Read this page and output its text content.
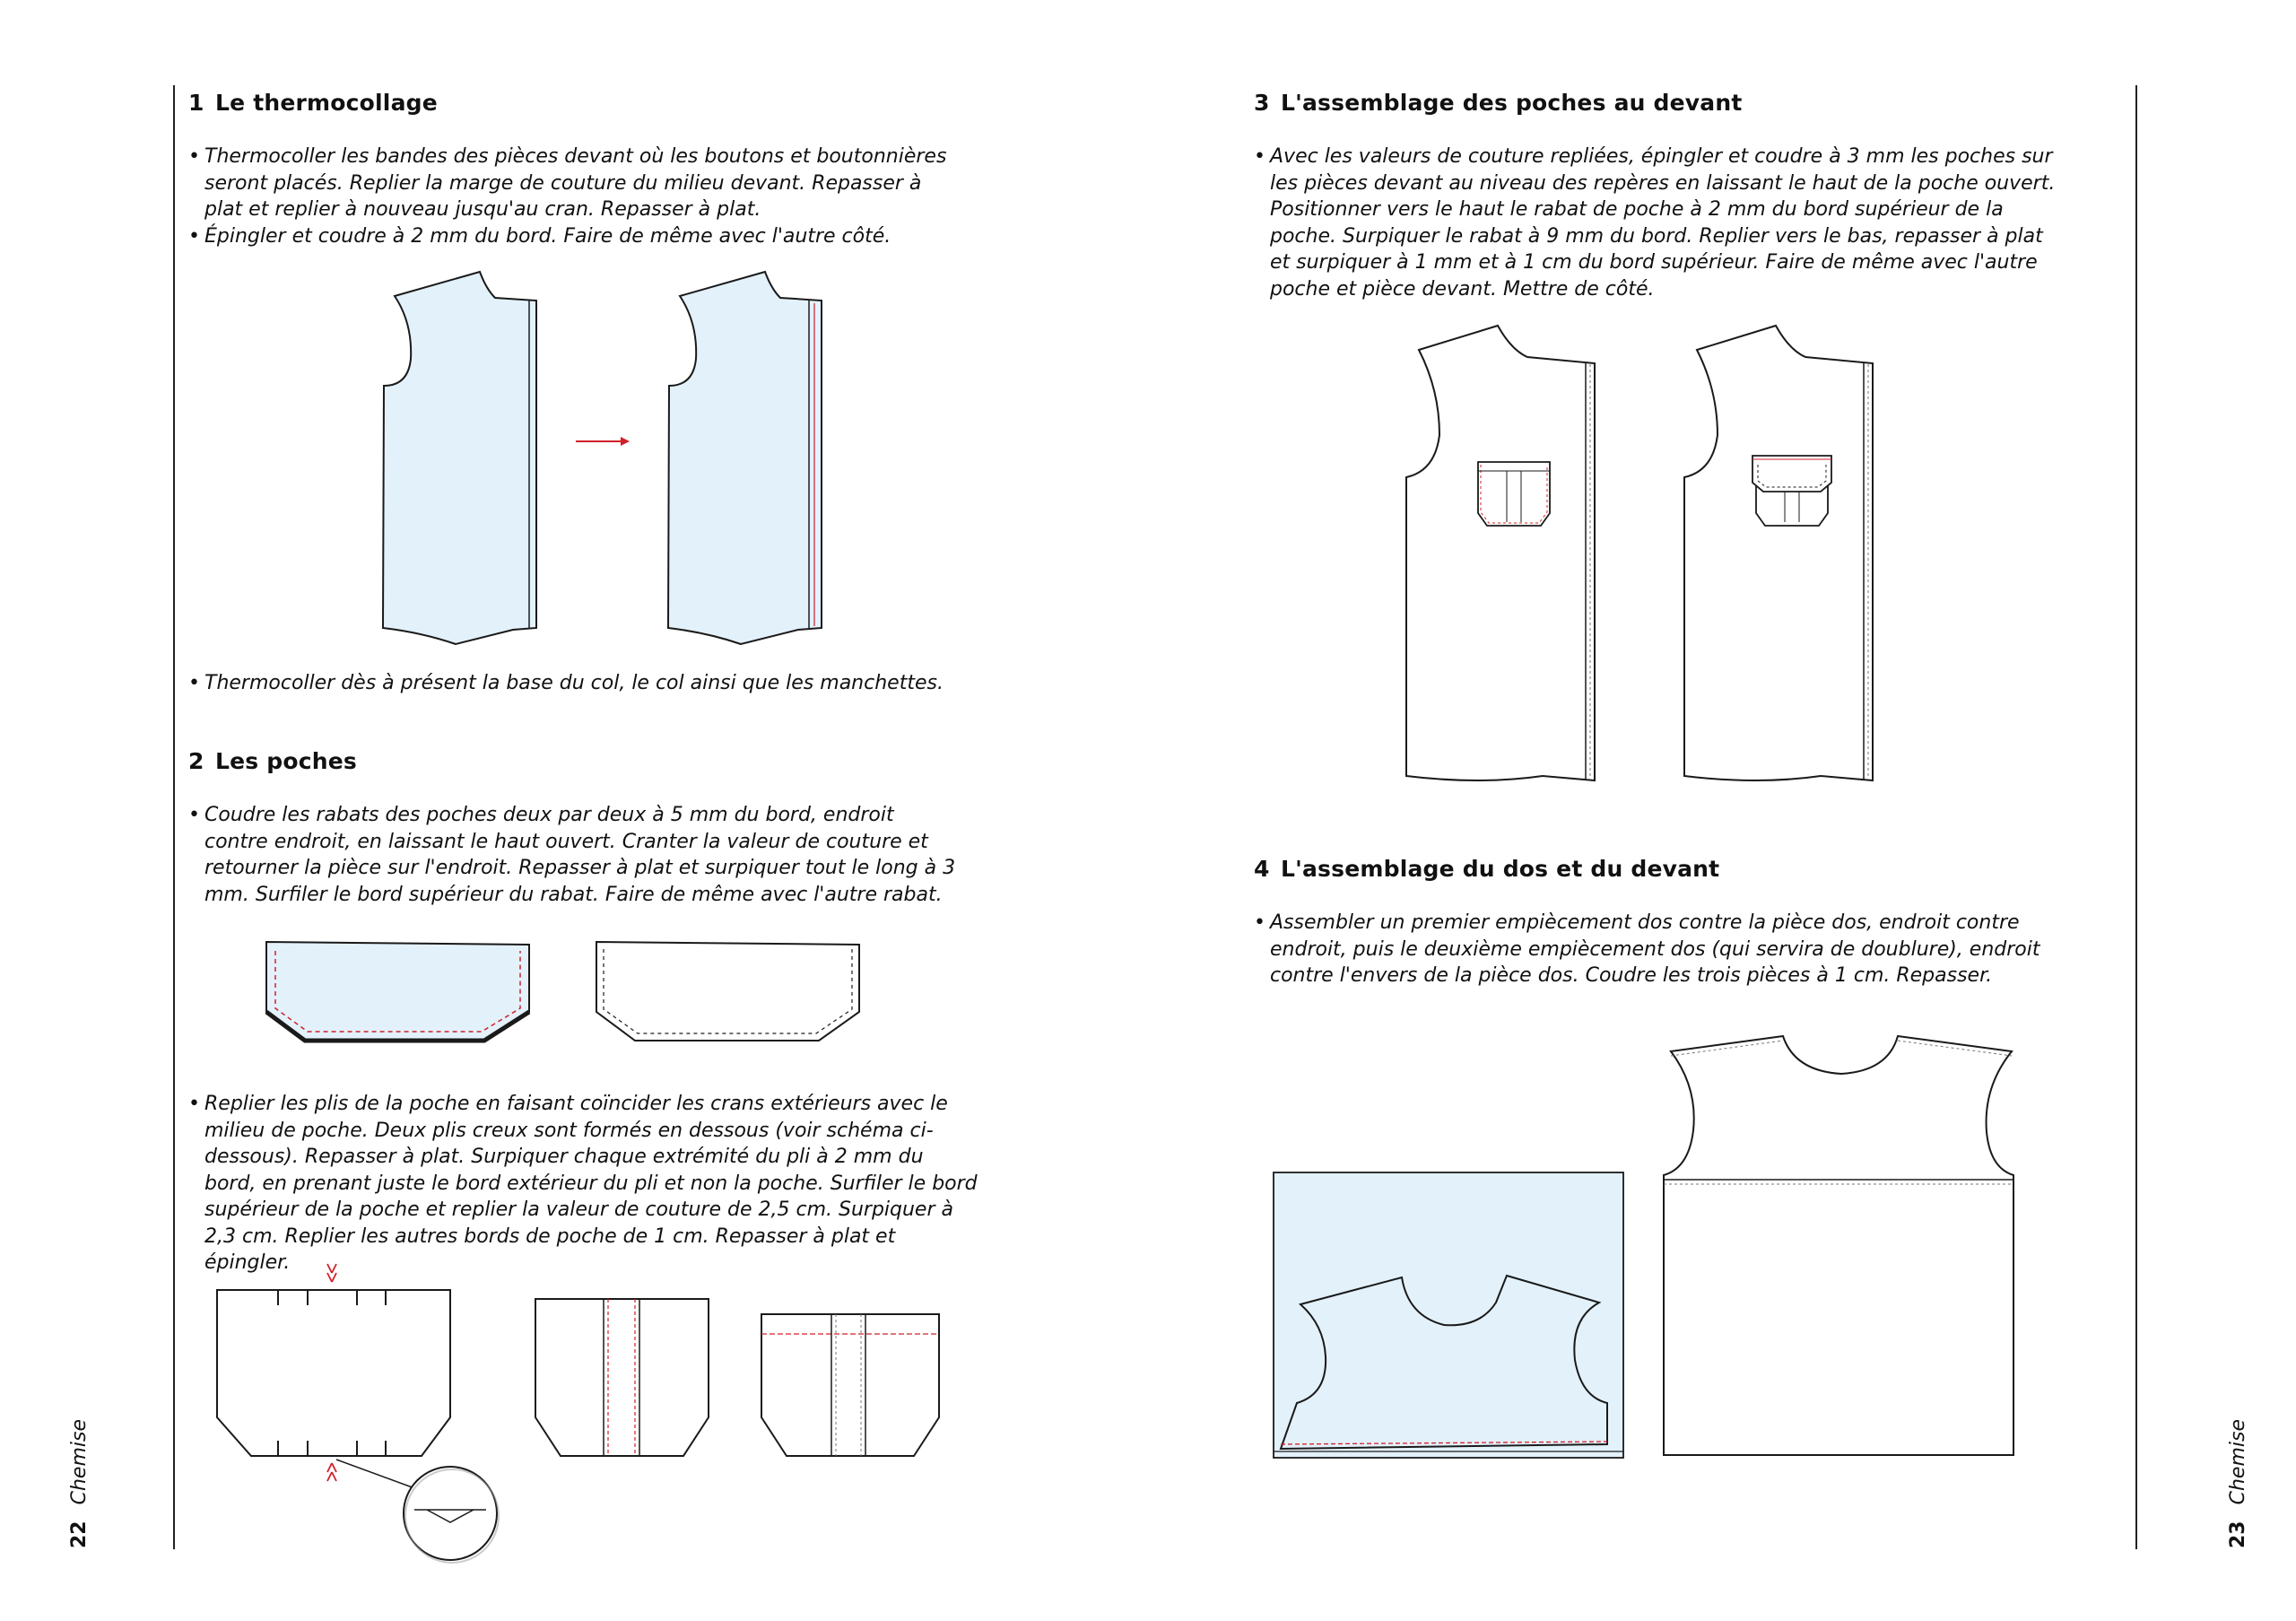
22Chemise
23Chemise
1 Le thermocollage
• Thermocoller les bandes des pièces devant où les boutons et boutonnières seront placés. Replier la marge de couture du milieu devant. Repasser à plat et replier à nouveau jusqu'au cran. Repasser à plat.
• Épingler et coudre à 2 mm du bord. Faire de même avec l'autre côté.
• Thermocoller dès à présent la base du col, le col ainsi que les manchettes.
2 Les poches
• Coudre les rabats des poches deux par deux à 5 mm du bord, endroit contre endroit, en laissant le haut ouvert. Cranter la valeur de couture et retourner la pièce sur l'endroit. Repasser à plat et surpiquer tout le long à 3 mm. Surfiler le bord supérieur du rabat. Faire de même avec l'autre rabat.
• Replier les plis de la poche en faisant coïncider les crans extérieurs avec le milieu de poche. Deux plis creux sont formés en dessous (voir schéma ci-dessous). Repasser à plat. Surpiquer chaque extrémité du pli à 2 mm du bord, en prenant juste le bord extérieur du pli et non la poche. Surfiler le bord supérieur de la poche et replier la valeur de couture de 2,5 cm. Surpiquer à 2,3 cm. Replier les autres bords de poche de 1 cm. Repasser à plat et épingler.
3 L'assemblage des poches au devant
• Avec les valeurs de couture repliées, épingler et coudre à 3 mm les poches sur les pièces devant au niveau des repères en laissant le haut de la poche ouvert. Positionner vers le haut le rabat de poche à 2 mm du bord supérieur de la poche. Surpiquer le rabat à 9 mm du bord. Replier vers le bas, repasser à plat et surpiquer à 1 mm et à 1 cm du bord supérieur. Faire de même avec l'autre poche et pièce devant. Mettre de côté.
4 L'assemblage du dos et du devant
• Assembler un premier empiècement dos contre la pièce dos, endroit contre endroit, puis le deuxième empiècement dos (qui servira de doublure), endroit contre l'envers de la pièce dos. Coudre les trois pièces à 1 cm. Repasser.
